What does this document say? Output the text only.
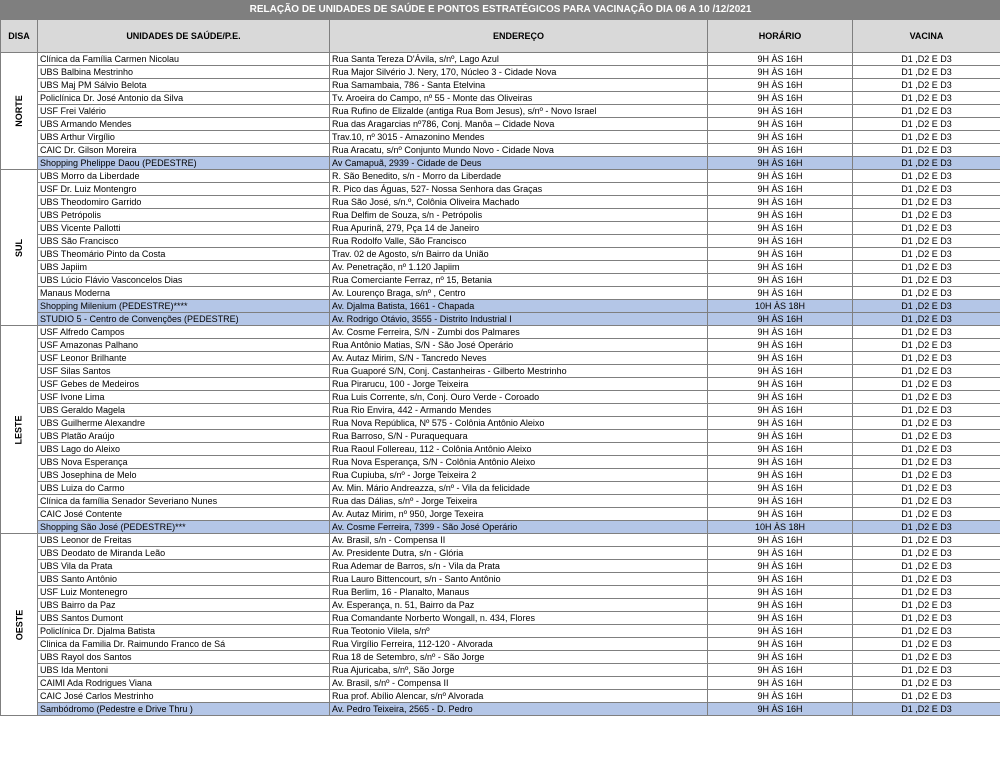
RELAÇÃO DE UNIDADES DE SAÚDE E PONTOS ESTRATÉGICOS PARA VACINAÇÃO DIA 06 A 10 /12/2021				
DISA	UNIDADES DE SAÚDE/P.E.	ENDEREÇO	HORÁRIO	VACINA
NORTE	Clínica da Família Carmen Nicolau	Rua Santa Tereza D'Ávila, s/nº, Lago Azul	9H ÀS 16H	D1 ,D2 E D3
	UBS Balbina Mestrinho	Rua Major Silvério J. Nery, 170, Núcleo 3 - Cidade Nova	9H ÀS 16H	D1 ,D2 E D3
	UBS Maj PM Sálvio Belota	Rua Samambaia, 786 - Santa Etelvina	9H ÀS 16H	D1 ,D2 E D3
	Policlínica Dr. José Antonio da Silva	Tv. Aroeira do Campo, nº 55 - Monte das Oliveiras	9H ÀS 16H	D1 ,D2 E D3
	USF Frei Valério	Rua Rufino de Elizalde (antiga Rua Bom Jesus), s/nº - Novo Israel	9H ÀS 16H	D1 ,D2 E D3
	UBS Armando Mendes	Rua das Aragarcias nº786, Conj. Manôa – Cidade Nova	9H ÀS 16H	D1 ,D2 E D3
	UBS Arthur Virgílio	Trav.10, nº 3015 - Amazonino Mendes	9H ÀS 16H	D1 ,D2 E D3
	CAIC Dr. Gilson Moreira	Rua Aracatu, s/nº Conjunto Mundo Novo - Cidade Nova	9H ÀS 16H	D1 ,D2 E D3
	Shopping Phelippe Daou (PEDESTRE)	Av Camapuã, 2939 - Cidade de Deus	9H ÀS 16H	D1 ,D2 E D3
SUL	UBS Morro da Liberdade	R. São Benedito, s/n - Morro da Liberdade	9H ÀS 16H	D1 ,D2 E D3
	USF Dr. Luiz Montengro	R. Pico das Águas, 527- Nossa Senhora das Graças	9H ÀS 16H	D1 ,D2 E D3
	UBS Theodomiro Garrido	Rua São José, s/n.º, Colônia Oliveira Machado	9H ÀS 16H	D1 ,D2 E D3
	UBS Petrópolis	Rua Delfim de Souza, s/n - Petrópolis	9H ÀS 16H	D1 ,D2 E D3
	UBS Vicente Pallotti	Rua Apurinã, 279, Pça 14 de Janeiro	9H ÀS 16H	D1 ,D2 E D3
	UBS São Francisco	Rua Rodolfo Valle, São Francisco	9H ÀS 16H	D1 ,D2 E D3
	UBS Theomário Pinto da Costa	Trav. 02 de Agosto, s/n Bairro da União	9H ÀS 16H	D1 ,D2 E D3
	UBS Japiim	Av. Penetração, nº 1.120 Japiim	9H ÀS 16H	D1 ,D2 E D3
	UBS Lúcio Flávio Vasconcelos Dias	Rua Comerciante Ferraz, nº 15, Betania	9H ÀS 16H	D1 ,D2 E D3
	Manaus Moderna	Av. Lourenço Braga, s/nº , Centro	9H ÀS 16H	D1 ,D2 E D3
	Shopping Milenium (PEDESTRE)****	Av. Djalma Batista, 1661 - Chapada	10H ÀS 18H	D1 ,D2 E D3
	STUDIO 5 - Centro de Convenções (PEDESTRE)	Av. Rodrigo Otávio, 3555 - Distrito Industrial I	9H ÀS 16H	D1 ,D2 E D3
LESTE	USF Alfredo Campos	Av. Cosme Ferreira, S/N - Zumbi dos Palmares	9H ÀS 16H	D1 ,D2 E D3
	USF Amazonas Palhano	Rua Antônio Matias, S/N - São José Operário	9H ÀS 16H	D1 ,D2 E D3
	USF Leonor Brilhante	Av. Autaz Mirim, S/N - Tancredo Neves	9H ÀS 16H	D1 ,D2 E D3
	USF Silas Santos	Rua Guaporé S/N, Conj. Castanheiras - Gilberto Mestrinho	9H ÀS 16H	D1 ,D2 E D3
	USF Gebes de Medeiros	Rua Pirarucu, 100 - Jorge Teixeira	9H ÀS 16H	D1 ,D2 E D3
	USF Ivone Lima	Rua Luis Corrente, s/n, Conj. Ouro Verde - Coroado	9H ÀS 16H	D1 ,D2 E D3
	UBS Geraldo Magela	Rua Rio Envira, 442 - Armando Mendes	9H ÀS 16H	D1 ,D2 E D3
	UBS Guilherme Alexandre	Rua Nova República, Nº 575 - Colônia Antônio Aleixo	9H ÀS 16H	D1 ,D2 E D3
	UBS Platão Araújo	Rua Barroso, S/N - Puraquequara	9H ÀS 16H	D1 ,D2 E D3
	UBS Lago do Aleixo	Rua Raoul Follereau, 112 - Colônia Antônio Aleixo	9H ÀS 16H	D1 ,D2 E D3
	UBS Nova Esperança	Rua Nova Esperança, S/N - Colônia Antônio Aleixo	9H ÀS 16H	D1 ,D2 E D3
	UBS Josephina de Melo	Rua Cupiuba, s/nº - Jorge Teixeira 2	9H ÀS 16H	D1 ,D2 E D3
	UBS Luiza do Carmo	Av. Min. Mário Andreazza, s/nº - Vila da felicidade	9H ÀS 16H	D1 ,D2 E D3
	Clínica da família Senador Severiano Nunes	Rua das Dálias, s/nº - Jorge Teixeira	9H ÀS 16H	D1 ,D2 E D3
	CAIC José Contente	Av. Autaz Mirim, nº 950, Jorge Texeira	9H ÀS 16H	D1 ,D2 E D3
	Shopping São José (PEDESTRE)***	Av. Cosme Ferreira, 7399 - São José Operário	10H ÀS 18H	D1 ,D2 E D3
OESTE	UBS Leonor de Freitas	Av. Brasil, s/n - Compensa II	9H ÀS 16H	D1 ,D2 E D3
	UBS Deodato de Miranda Leão	Av. Presidente Dutra, s/n - Glória	9H ÀS 16H	D1 ,D2 E D3
	UBS Vila da Prata	Rua Ademar de Barros, s/n - Vila da Prata	9H ÀS 16H	D1 ,D2 E D3
	UBS Santo Antônio	Rua Lauro Bittencourt, s/n - Santo Antônio	9H ÀS 16H	D1 ,D2 E D3
	USF Luiz Montenegro	Rua Berlim, 16 - Planalto, Manaus	9H ÀS 16H	D1 ,D2 E D3
	UBS Bairro da Paz	Av. Esperança, n. 51, Bairro da Paz	9H ÀS 16H	D1 ,D2 E D3
	UBS Santos Dumont	Rua Comandante Norberto Wongall, n. 434, Flores	9H ÀS 16H	D1 ,D2 E D3
	Policlínica Dr. Djalma Batista	Rua Teotonio Vilela, s/nº	9H ÀS 16H	D1 ,D2 E D3
	Clinica da Familia Dr. Raimundo Franco de Sá	Rua Virgílio Ferreira, 112-120 - Alvorada	9H ÀS 16H	D1 ,D2 E D3
	UBS Rayol dos Santos	Rua 18 de Setembro, s/nº - São Jorge	9H ÀS 16H	D1 ,D2 E D3
	UBS Ida Mentoni	Rua Ajuricaba, s/nº, São Jorge	9H ÀS 16H	D1 ,D2 E D3
	CAIMI Ada Rodrigues Viana	Av. Brasil, s/nº - Compensa II	9H ÀS 16H	D1 ,D2 E D3
	CAIC José Carlos Mestrinho	Rua prof. Abílio Alencar, s/nº Alvorada	9H ÀS 16H	D1 ,D2 E D3
	Sambódromo (Pedestre e Drive Thru )	Av. Pedro Teixeira, 2565 - D. Pedro	9H ÀS 16H	D1 ,D2 E D3
